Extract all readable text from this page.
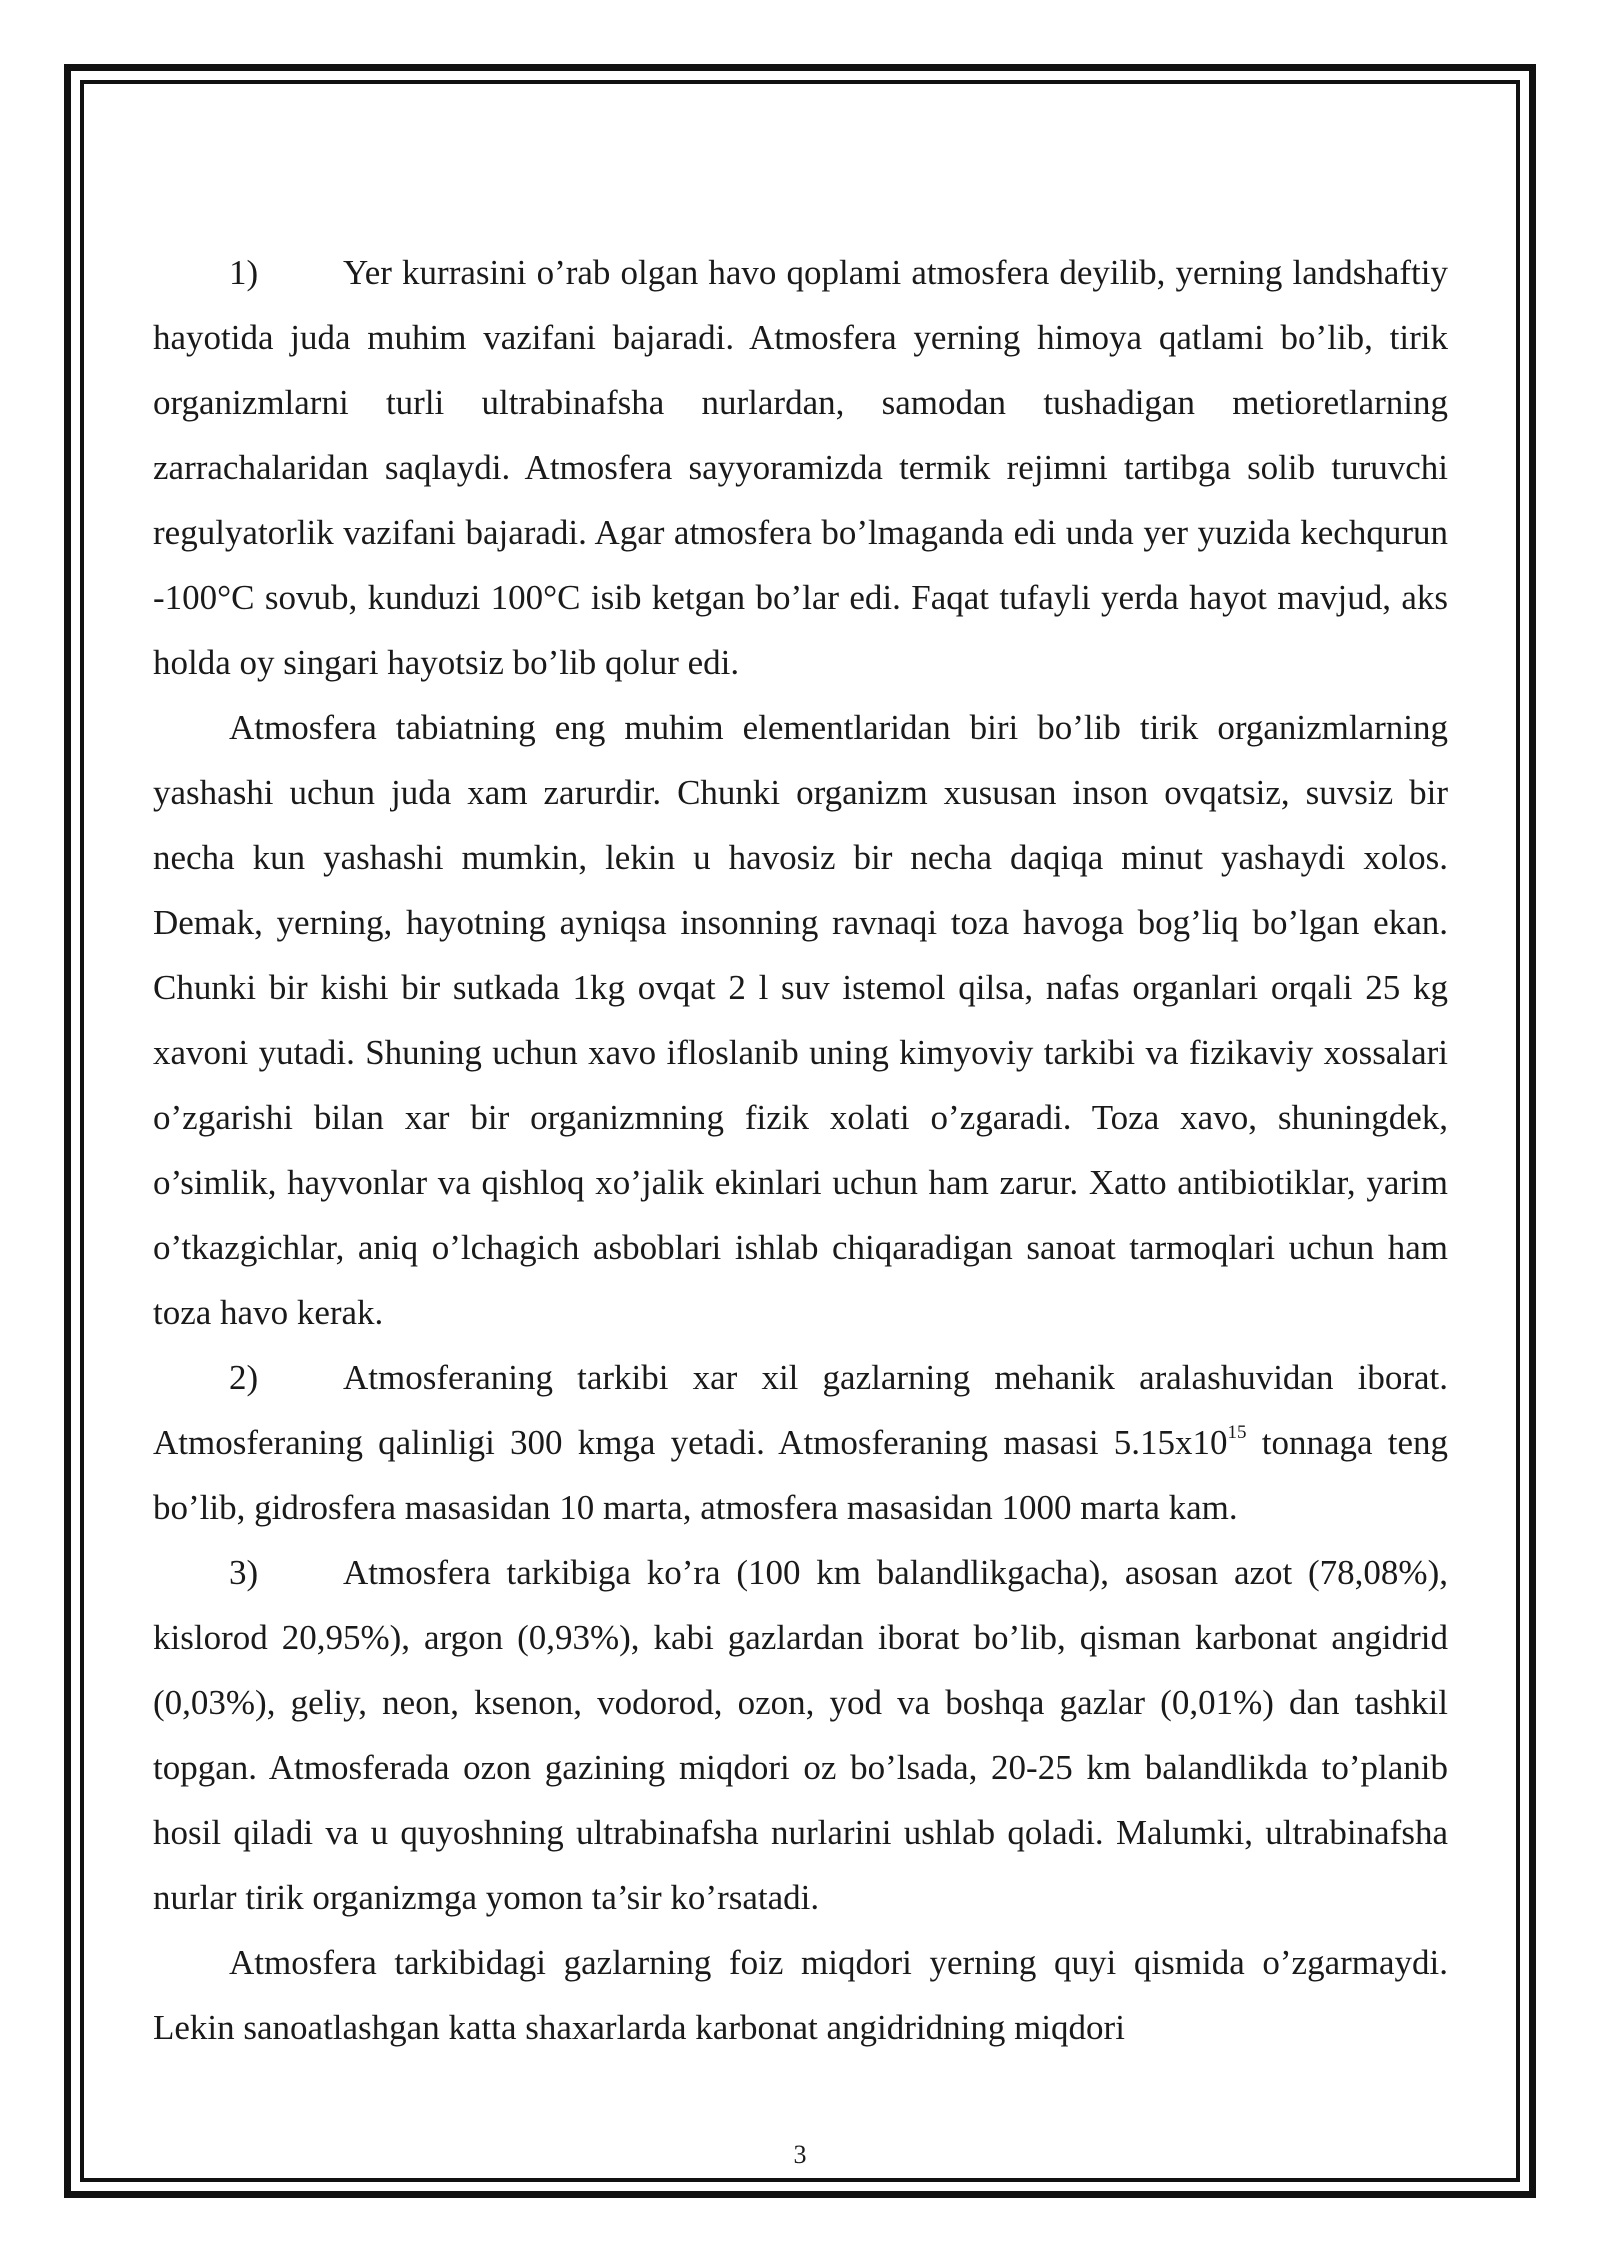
1) Yer kurrasini o’rab olgan havo qoplami atmosfera deyilib, yerning landshaftiy hayotida juda muhim vazifani bajaradi. Atmosfera yerning himoya qatlami bo’lib, tirik organizmlarni turli ultrabinafsha nurlardan, samodan tushadigan metioretlarning zarrachalaridan saqlaydi. Atmosfera sayyoramizda termik rejimni tartibga solib turuvchi regulyatorlik vazifani bajaradi. Agar atmosfera bo’lmaganda edi unda yer yuzida kechqurun -100°C sovub, kunduzi 100°C isib ketgan bo’lar edi. Faqat tufayli yerda hayot mavjud, aks holda oy singari hayotsiz bo’lib qolur edi.

Atmosfera tabiatning eng muhim elementlaridan biri bo’lib tirik organizmlarning yashashi uchun juda xam zarurdir. Chunki organizm xususan inson ovqatsiz, suvsiz bir necha kun yashashi mumkin, lekin u havosiz bir necha daqiqa minut yashaydi xolos. Demak, yerning, hayotning ayniqsa insonning ravnaqi toza havoga bog’liq bo’lgan ekan. Chunki bir kishi bir sutkada 1kg ovqat 2 l suv istemol qilsa, nafas organlari orqali 25 kg xavoni yutadi. Shuning uchun xavo ifloslanib uning kimyoviy tarkibi va fizikaviy xossalari o’zgarishi bilan xar bir organizmning fizik xolati o’zgaradi. Toza xavo, shuningdek, o’simlik, hayvonlar va qishloq xo’jalik ekinlari uchun ham zarur. Xatto antibiotiklar, yarim o’tkazgichlar, aniq o’lchagich asboblari ishlab chiqaradigan sanoat tarmoqlari uchun ham toza havo kerak.

2) Atmosferaning tarkibi xar xil gazlarning mehanik aralashuvidan iborat. Atmosferaning qalinligi 300 kmga yetadi. Atmosferaning masasi $5.15x10^{15}$ tonnaga teng bo’lib, gidrosfera masasidan 10 marta, atmosfera masasidan 1000 marta kam.

3) Atmosfera tarkibiga ko’ra (100 km balandlikgacha), asosan azot (78,08%), kislorod 20,95%), argon (0,93%), kabi gazlardan iborat bo’lib, qisman karbonat angidrid (0,03%), geliy, neon, ksenon, vodorod, ozon, yod va boshqa gazlar (0,01%) dan tashkil topgan. Atmosferada ozon gazining miqdori oz bo’lsada, 20-25 km balandlikda to’planib hosil qiladi va u quyoshning ultrabinafsha nurlarini ushlab qoladi. Malumki, ultrabinafsha nurlar tirik organizmga yomon ta’sir ko’rsatadi.

Atmosfera tarkibidagi gazlarning foiz miqdori yerning quyi qismida o’zgarmaydi. Lekin sanoatlashgan katta shaxarlarda karbonat angidridning miqdori

3
